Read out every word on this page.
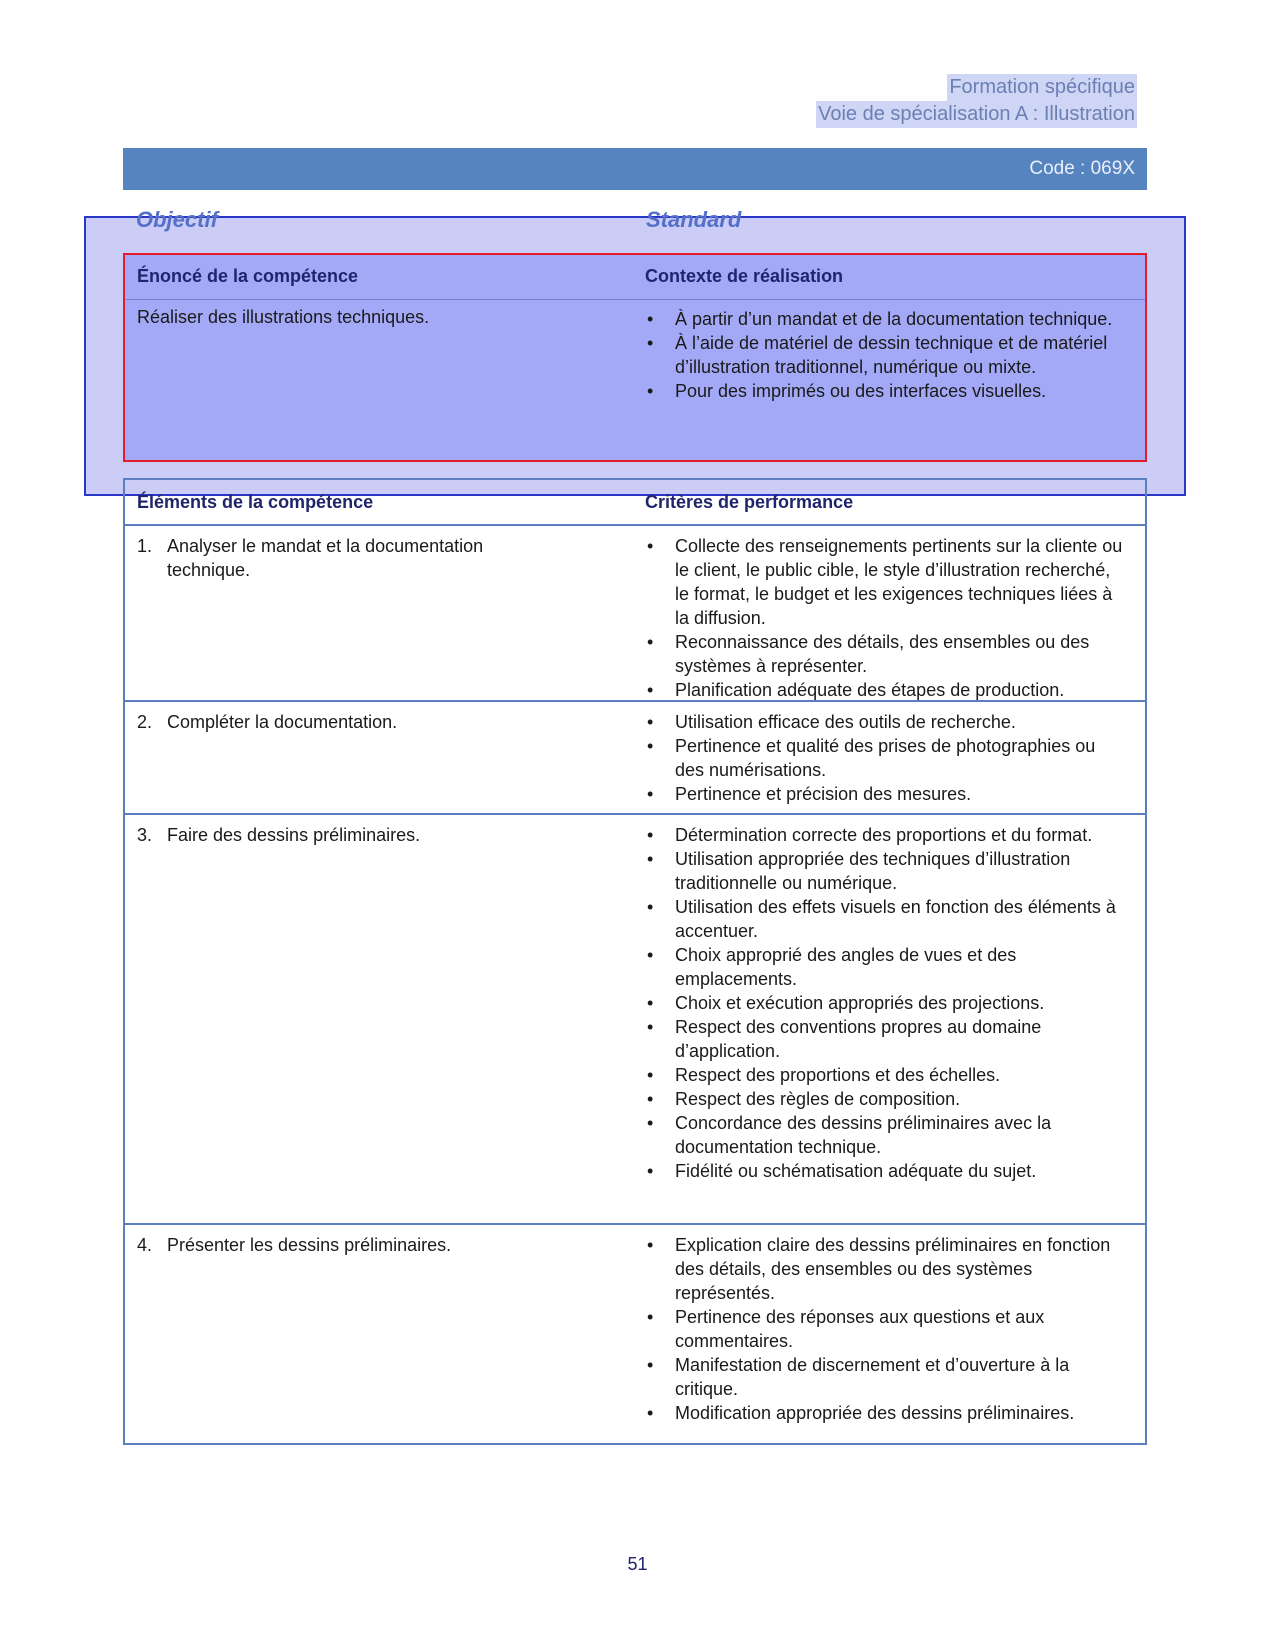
Formation spécifique
Voie de spécialisation A : Illustration
Code : 069X
Objectif	Standard
Énoncé de la compétence	Contexte de réalisation
Réaliser des illustrations techniques.	• À partir d’un mandat et de la documentation technique.
• À l’aide de matériel de dessin technique et de matériel d’illustration traditionnel, numérique ou mixte.
• Pour des imprimés ou des interfaces visuelles.
Éléments de la compétence	Critères de performance
1. Analyser le mandat et la documentation technique.
• Collecte des renseignements pertinents sur la cliente ou le client, le public cible, le style d’illustration recherché, le format, le budget et les exigences techniques liées à la diffusion.
• Reconnaissance des détails, des ensembles ou des systèmes à représenter.
• Planification adéquate des étapes de production.
2. Compléter la documentation.	• Utilisation efficace des outils de recherche.
• Pertinence et qualité des prises de photographies ou des numérisations.
• Pertinence et précision des mesures.
3. Faire des dessins préliminaires.	• Détermination correcte des proportions et du format.
• Utilisation appropriée des techniques d’illustration traditionnelle ou numérique.
• Utilisation des effets visuels en fonction des éléments à accentuer.
• Choix approprié des angles de vues et des emplacements.
• Choix et exécution appropriés des projections.
• Respect des conventions propres au domaine d’application.
• Respect des proportions et des échelles.
• Respect des règles de composition.
• Concordance des dessins préliminaires avec la documentation technique.
• Fidélité ou schématisation adéquate du sujet.
4. Présenter les dessins préliminaires.	• Explication claire des dessins préliminaires en fonction des détails, des ensembles ou des systèmes représentés.
• Pertinence des réponses aux questions et aux commentaires.
• Manifestation de discernement et d’ouverture à la critique.
• Modification appropriée des dessins préliminaires.
51
